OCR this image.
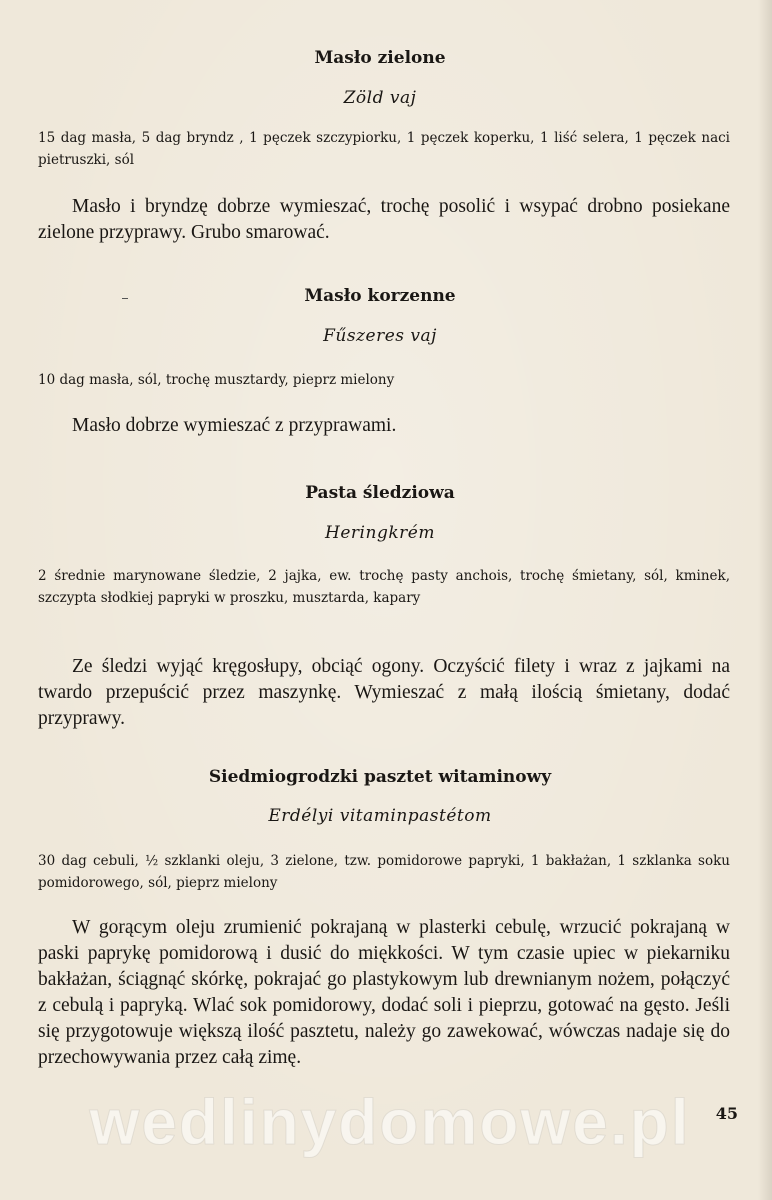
Masło zielone
Zöld vaj
15 dag masła, 5 dag bryndz , 1 pęczek szczypiorku, 1 pęczek koperku, 1 liść selera, 1 pęczek naci pietruszki, sól
Masło i bryndzę dobrze wymieszać, trochę posolić i wsypać drobno posiekane zielone przyprawy. Grubo smarować.
Masło korzenne
Fűszeres vaj
10 dag masła, sól, trochę musztardy, pieprz mielony
Masło dobrze wymieszać z przyprawami.
Pasta śledziowa
Heringkrém
2 średnie marynowane śledzie, 2 jajka, ew. trochę pasty anchois, trochę śmietany, sól, kminek, szczypta słodkiej papryki w proszku, musztarda, kapary
Ze śledzi wyjąć kręgosłupy, obciąć ogony. Oczyścić filety i wraz z jajkami na twardo przepuścić przez maszynkę. Wymieszać z małą ilością śmietany, dodać przyprawy.
Siedmiogrodzki pasztet witaminowy
Erdélyi vitaminpastétom
30 dag cebuli, ½ szklanki oleju, 3 zielone, tzw. pomidorowe papryki, 1 bakłażan, 1 szklanka soku pomidorowego, sól, pieprz mielony
W gorącym oleju zrumienić pokrajaną w plasterki cebulę, wrzucić pokrajaną w paski paprykę pomidorową i dusić do miękkości. W tym czasie upiec w piekarniku bakłażan, ściągnąć skórkę, pokrajać go plastykowym lub drewnianym nożem, połączyć z cebulą i papryką. Wlać sok pomidorowy, dodać soli i pieprzu, gotować na gęsto. Jeśli się przygotowuje większą ilość pasztetu, należy go zawekować, wówczas nadaje się do przechowywania przez całą zimę.
wedlinydomowe.pl	45
